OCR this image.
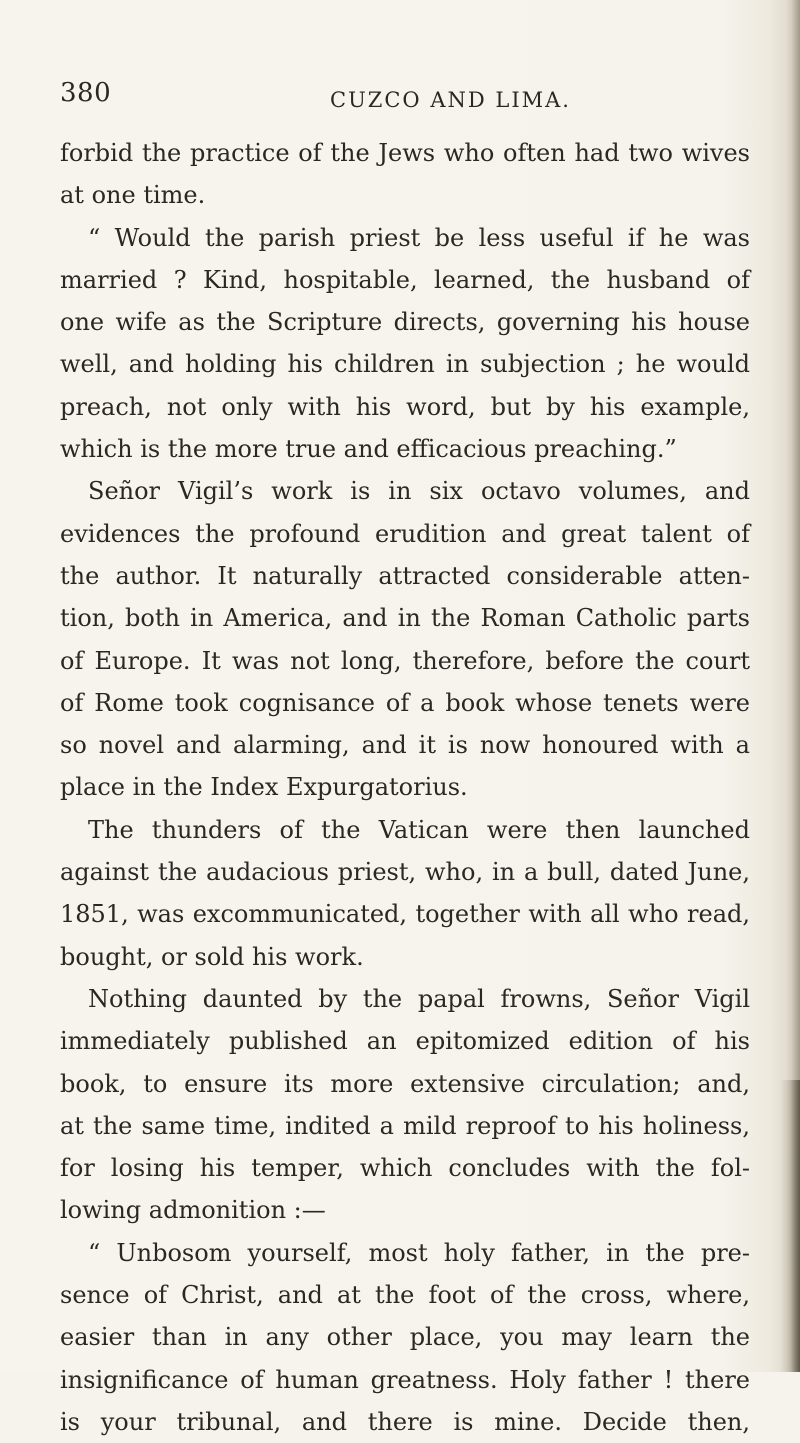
380	CUZCO AND LIMA.
forbid the practice of the Jews who often had two wives
at one time.
“ Would the parish priest be less useful if he was
married ? Kind, hospitable, learned, the husband of
one wife as the Scripture directs, governing his house
well, and holding his children in subjection ; he would
preach, not only with his word, but by his example,
which is the more true and efficacious preaching.”
Señor Vigil’s work is in six octavo volumes, and
evidences the profound erudition and great talent of
the author. It naturally attracted considerable atten-
tion, both in America, and in the Roman Catholic parts
of Europe. It was not long, therefore, before the court
of Rome took cognisance of a book whose tenets were
so novel and alarming, and it is now honoured with a
place in the Index Expurgatorius.
The thunders of the Vatican were then launched
against the audacious priest, who, in a bull, dated June,
1851, was excommunicated, together with all who read,
bought, or sold his work.
Nothing daunted by the papal frowns, Señor Vigil
immediately published an epitomized edition of his
book, to ensure its more extensive circulation; and,
at the same time, indited a mild reproof to his holiness,
for losing his temper, which concludes with the fol-
lowing admonition :—
“ Unbosom yourself, most holy father, in the pre-
sence of Christ, and at the foot of the cross, where,
easier than in any other place, you may learn the
insignificance of human greatness. Holy father ! there
is your tribunal, and there is mine. Decide then,
